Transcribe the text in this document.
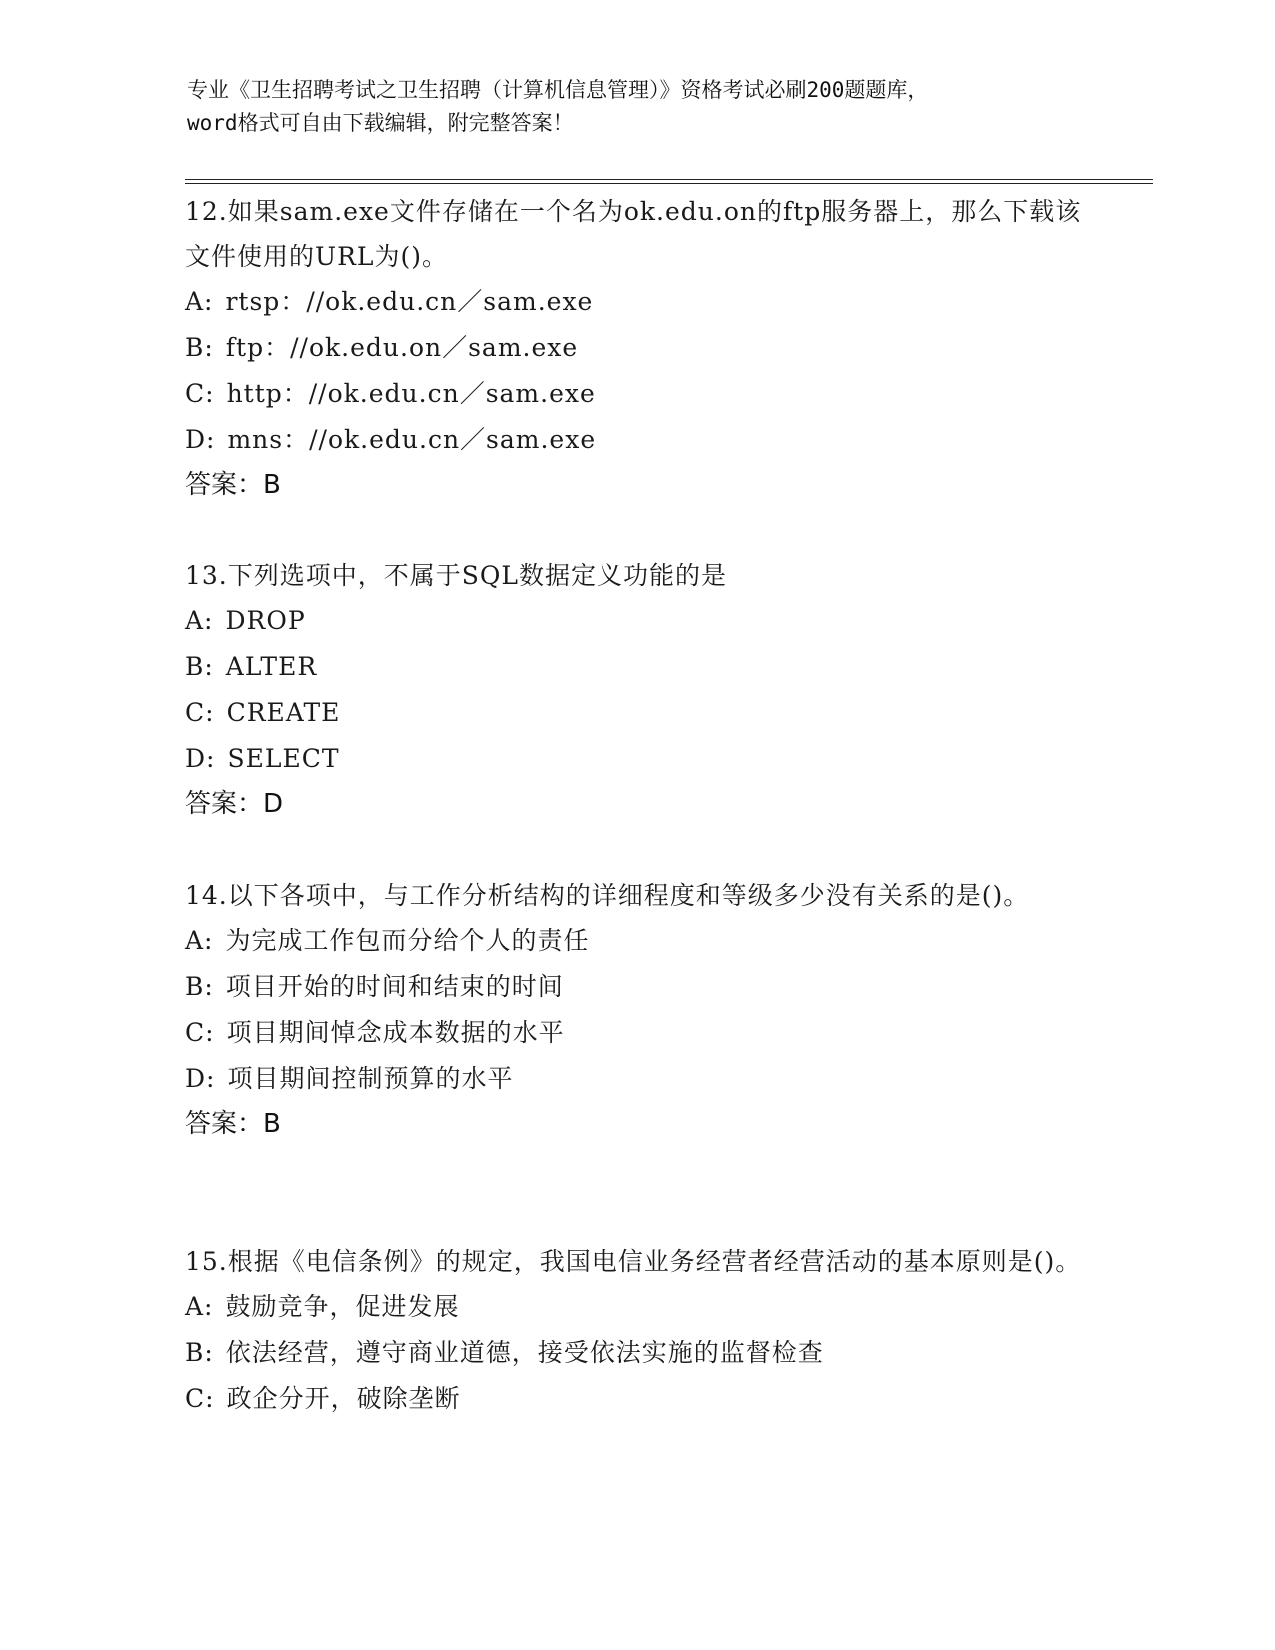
专业《卫生招聘考试之卫生招聘（计算机信息管理）》资格考试必刷200题题库，
word格式可自由下载编辑，附完整答案！
12.如果sam.exe文件存储在一个名为ok.edu.on的ftp服务器上，那么下载该文件使用的URL为()。
A: rtsp：//ok.edu.cn／sam.exe
B: ftp：//ok.edu.on／sam.exe
C: http：//ok.edu.cn／sam.exe
D: mns：//ok.edu.cn／sam.exe
答案：B
13.下列选项中，不属于SQL数据定义功能的是
A: DROP
B: ALTER
C: CREATE
D: SELECT
答案：D
14.以下各项中，与工作分析结构的详细程度和等级多少没有关系的是()。
A: 为完成工作包而分给个人的责任
B: 项目开始的时间和结束的时间
C: 项目期间悼念成本数据的水平
D: 项目期间控制预算的水平
答案：B
15.根据《电信条例》的规定，我国电信业务经营者经营活动的基本原则是()。
A: 鼓励竞争，促进发展
B: 依法经营，遵守商业道德，接受依法实施的监督检查
C: 政企分开，破除垄断
